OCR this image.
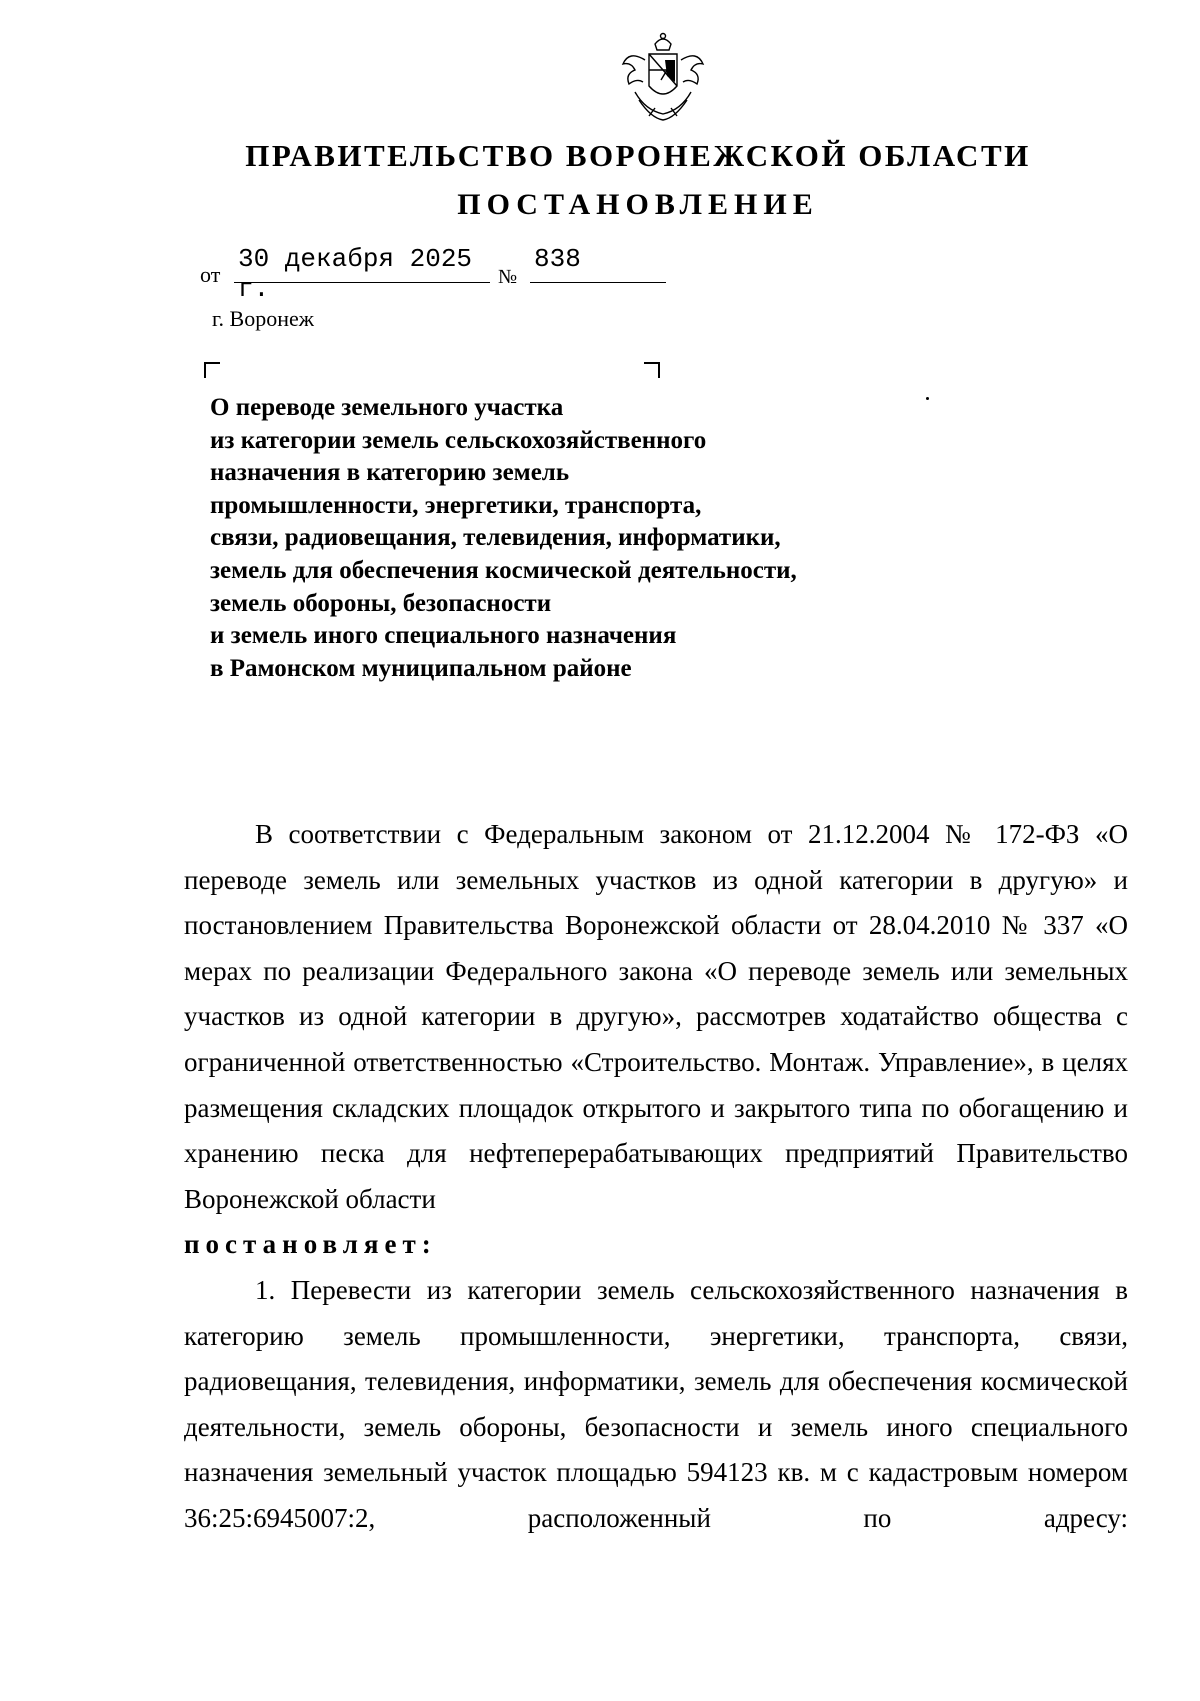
ПРАВИТЕЛЬСТВО ВОРОНЕЖСКОЙ ОБЛАСТИ
ПОСТАНОВЛЕНИЕ
от
30 декабря 2025 г.	№
838
г. Воронеж
О переводе земельного участка
из категории земель сельскохозяйственного
назначения в категорию земель
промышленности, энергетики, транспорта,
связи, радиовещания, телевидения, информатики,
земель для обеспечения космической деятельности,
земель обороны, безопасности
и земель иного специального назначения
в Рамонском муниципальном районе

В соответствии с Федеральным законом от 21.12.2004 № 172-ФЗ «О переводе земель или земельных участков из одной категории в другую» и постановлением Правительства Воронежской области от 28.04.2010 № 337 «О мерах по реализации Федерального закона «О переводе земель или земельных участков из одной категории в другую», рассмотрев ходатайство общества с ограниченной ответственностью «Строительство. Монтаж. Управление», в целях размещения складских площадок открытого и закрытого типа по обогащению и хранению песка для нефтеперерабатывающих предприятий Правительство Воронежской области

постановляет:

1. Перевести из категории земель сельскохозяйственного назначения в категорию земель промышленности, энергетики, транспорта, связи, радиовещания, телевидения, информатики, земель для обеспечения космической деятельности, земель обороны, безопасности и земель иного специального назначения земельный участок площадью 594123 кв. м с кадастровым номером 36:25:6945007:2, расположенный по адресу:
